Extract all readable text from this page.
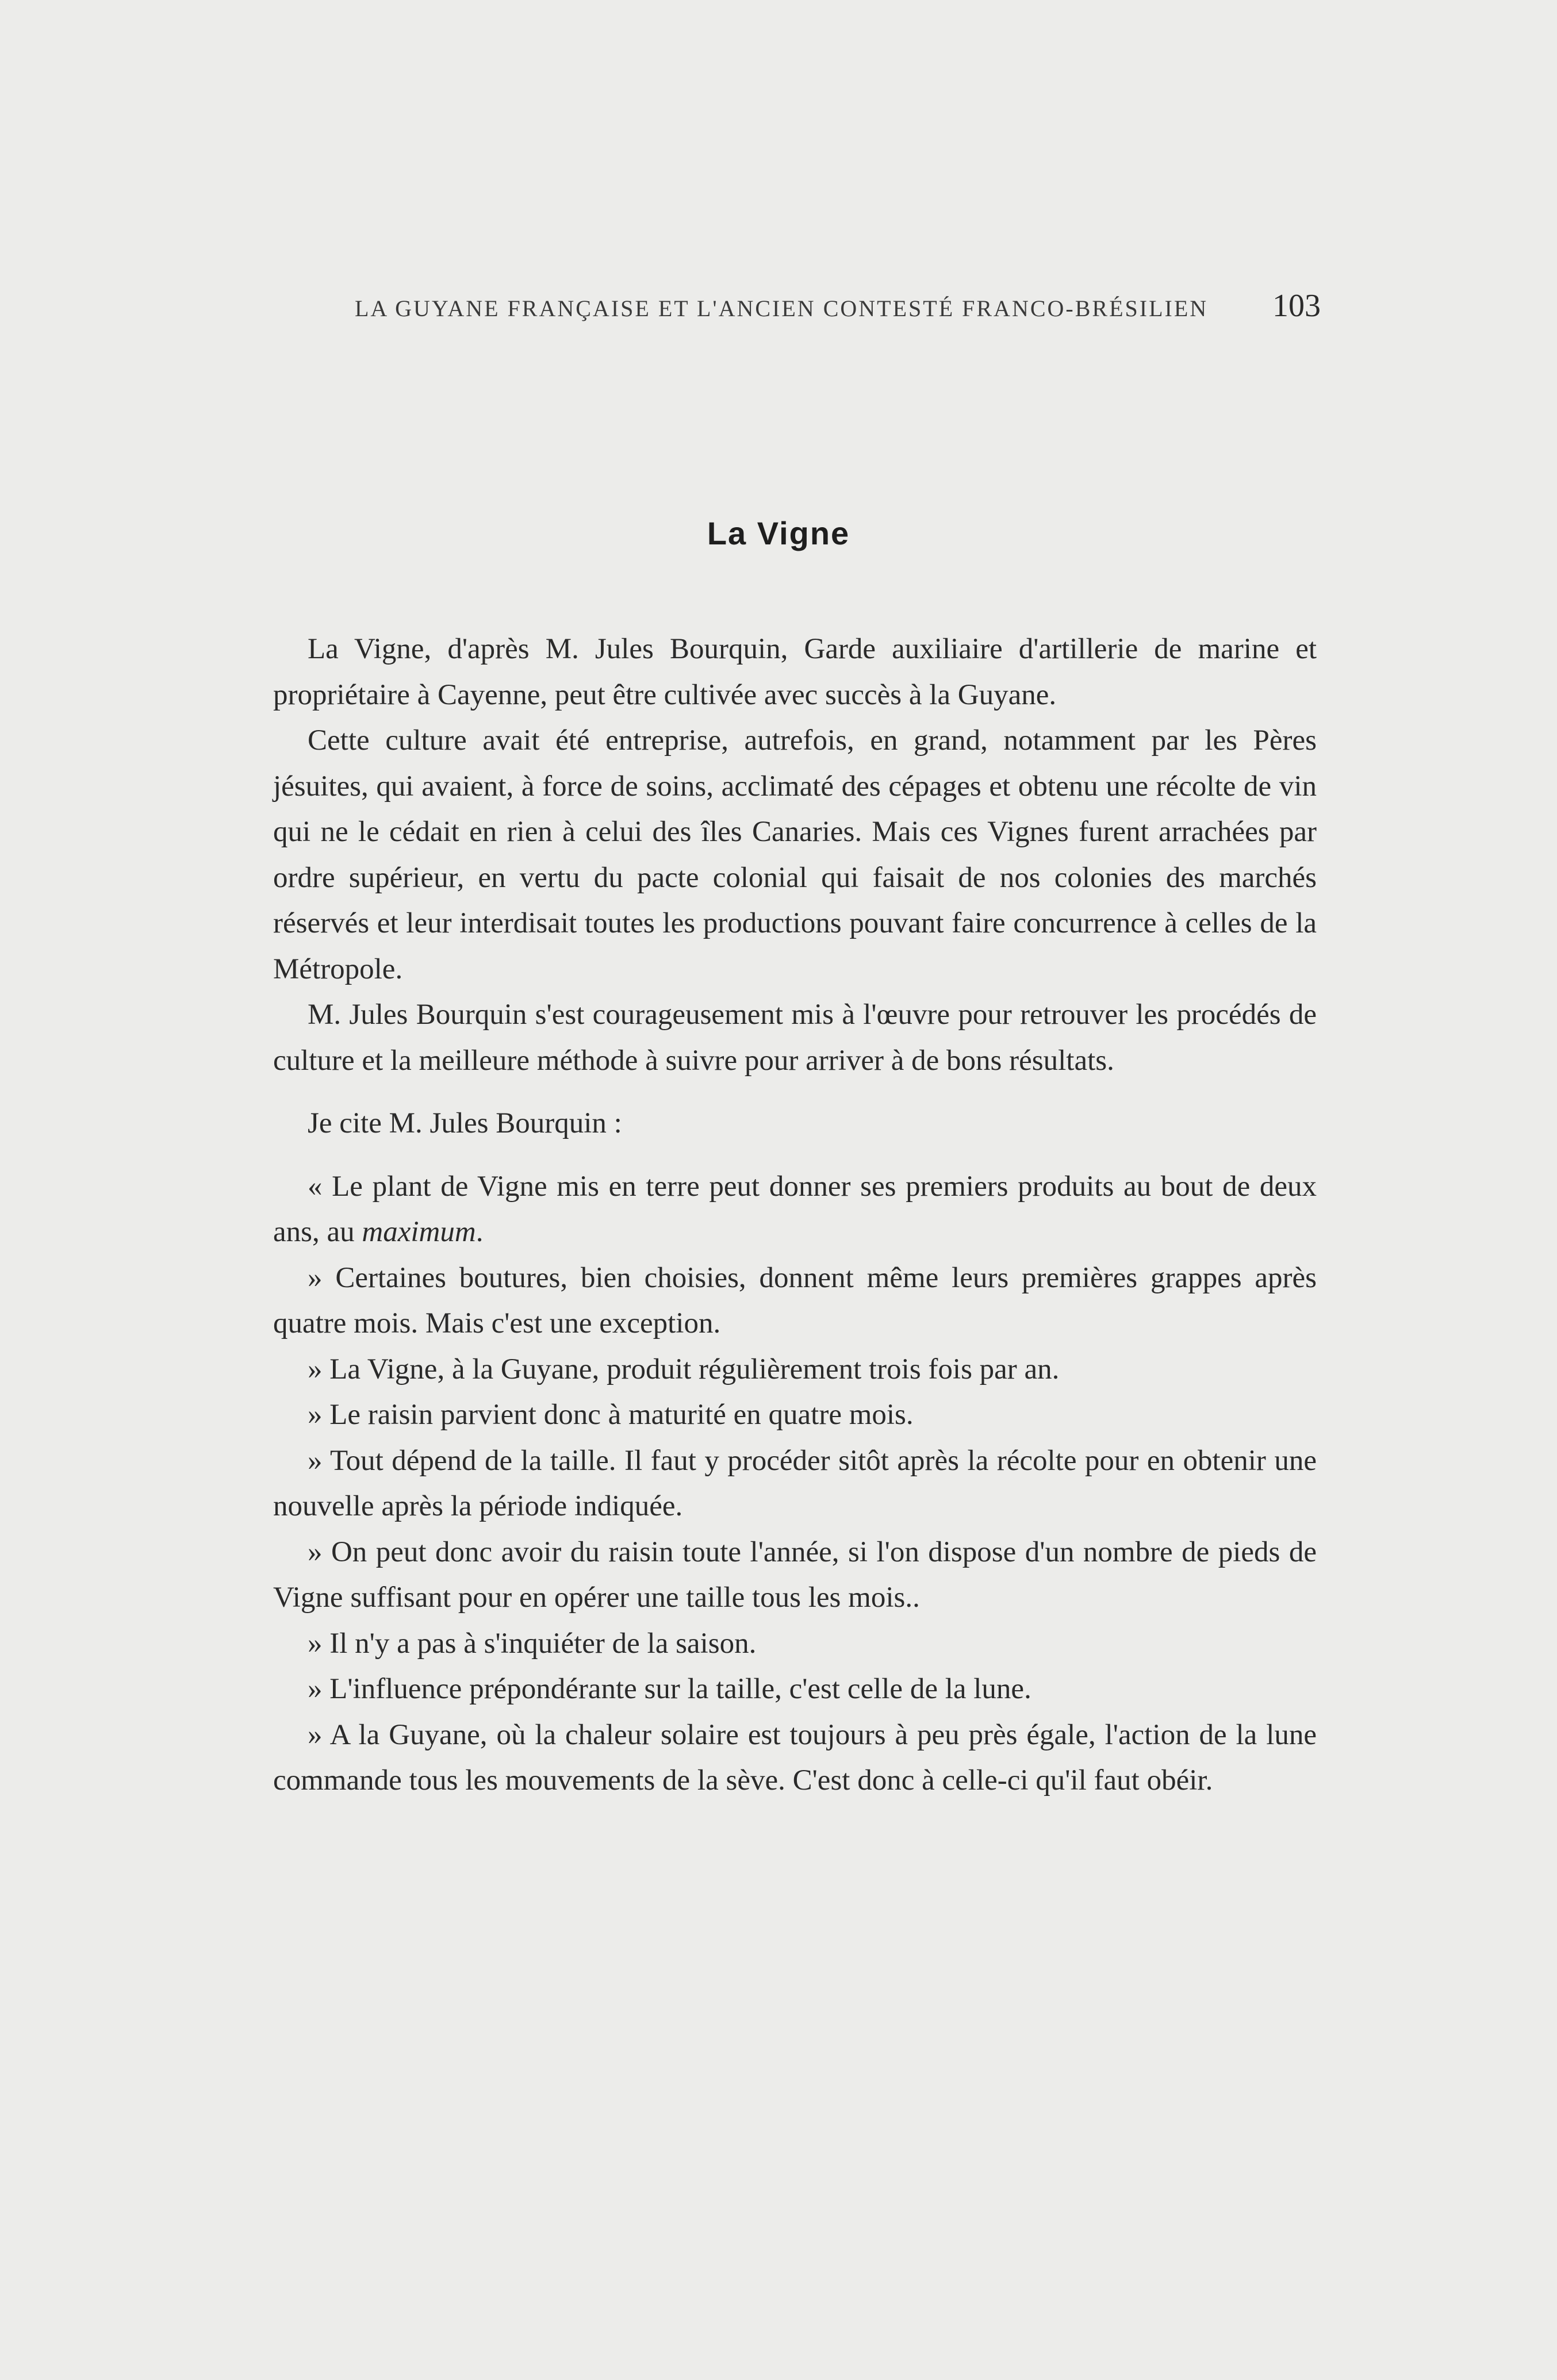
LA GUYANE FRANÇAISE ET L'ANCIEN CONTESTÉ FRANCO-BRÉSILIEN 103
La Vigne

La Vigne, d'après M. Jules Bourquin, Garde auxiliaire d'artillerie de marine et propriétaire à Cayenne, peut être cultivée avec succès à la Guyane.

Cette culture avait été entreprise, autrefois, en grand, notamment par les Pères jésuites, qui avaient, à force de soins, acclimaté des cépages et obtenu une récolte de vin qui ne le cédait en rien à celui des îles Canaries. Mais ces Vignes furent arrachées par ordre supérieur, en vertu du pacte colonial qui faisait de nos colonies des marchés réservés et leur interdisait toutes les productions pouvant faire concurrence à celles de la Métropole.

M. Jules Bourquin s'est courageusement mis à l'œuvre pour retrouver les procédés de culture et la meilleure méthode à suivre pour arriver à de bons résultats.

Je cite M. Jules Bourquin :

« Le plant de Vigne mis en terre peut donner ses premiers produits au bout de deux ans, au maximum.

» Certaines boutures, bien choisies, donnent même leurs premières grappes après quatre mois. Mais c'est une exception.

» La Vigne, à la Guyane, produit régulièrement trois fois par an.

» Le raisin parvient donc à maturité en quatre mois.

» Tout dépend de la taille. Il faut y procéder sitôt après la récolte pour en obtenir une nouvelle après la période indiquée.

» On peut donc avoir du raisin toute l'année, si l'on dispose d'un nombre de pieds de Vigne suffisant pour en opérer une taille tous les mois..

» Il n'y a pas à s'inquiéter de la saison.

» L'influence prépondérante sur la taille, c'est celle de la lune.

» A la Guyane, où la chaleur solaire est toujours à peu près égale, l'action de la lune commande tous les mouvements de la sève. C'est donc à celle-ci qu'il faut obéir.
